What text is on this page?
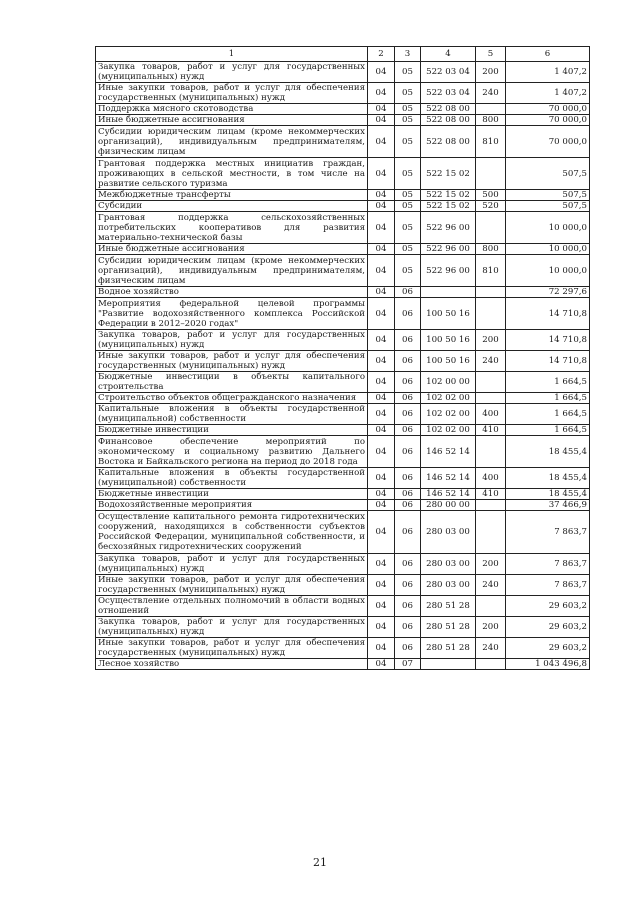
1	2	3	4	5	6
Закупка товаров, работ и услуг для государственных (муниципальных) нужд	04	05	522 03 04	200	1 407,2
Иные закупки товаров, работ и услуг для обеспечения государственных (муниципальных) нужд	04	05	522 03 04	240	1 407,2
Поддержка мясного скотоводства	04	05	522 08 00		70 000,0
Иные бюджетные ассигнования	04	05	522 08 00	800	70 000,0
Субсидии юридическим лицам (кроме некоммерческих организаций), индивидуальным предпринимателям, физическим лицам	04	05	522 08 00	810	70 000,0
Грантовая поддержка местных инициатив граждан, проживающих в сельской местности, в том числе на развитие сельского туризма	04	05	522 15 02		507,5
Межбюджетные трансферты	04	05	522 15 02	500	507,5
Субсидии	04	05	522 15 02	520	507,5
Грантовая поддержка сельскохозяйственных потребительских кооперативов для развития материально-технической базы	04	05	522 96 00		10 000,0
Иные бюджетные ассигнования	04	05	522 96 00	800	10 000,0
Субсидии юридическим лицам (кроме некоммерческих организаций), индивидуальным предпринимателям, физическим лицам	04	05	522 96 00	810	10 000,0
Водное хозяйство	04	06			72 297,6
Мероприятия федеральной целевой программы "Развитие водохозяйственного комплекса Российской Федерации в 2012–2020 годах"	04	06	100 50 16		14 710,8
Закупка товаров, работ и услуг для государственных (муниципальных) нужд	04	06	100 50 16	200	14 710,8
Иные закупки товаров, работ и услуг для обеспечения государственных (муниципальных) нужд	04	06	100 50 16	240	14 710,8
Бюджетные инвестиции в объекты капитального строительства	04	06	102 00 00		1 664,5
Строительство объектов общегражданского назначения	04	06	102 02 00		1 664,5
Капитальные вложения в объекты государственной (муниципальной) собственности	04	06	102 02 00	400	1 664,5
Бюджетные инвестиции	04	06	102 02 00	410	1 664,5
Финансовое обеспечение мероприятий по экономическому и социальному развитию Дальнего Востока и Байкальского региона на период до 2018 года	04	06	146 52 14		18 455,4
Капитальные вложения в объекты государственной (муниципальной) собственности	04	06	146 52 14	400	18 455,4
Бюджетные инвестиции	04	06	146 52 14	410	18 455,4
Водохозяйственные мероприятия	04	06	280 00 00		37 466,9
Осуществление капитального ремонта гидротехнических сооружений, находящихся в собственности субъектов Российской Федерации, муниципальной собственности, и бесхозяйных гидротехнических сооружений	04	06	280 03 00		7 863,7
Закупка товаров, работ и услуг для государственных (муниципальных) нужд	04	06	280 03 00	200	7 863,7
Иные закупки товаров, работ и услуг для обеспечения государственных (муниципальных) нужд	04	06	280 03 00	240	7 863,7
Осуществление отдельных полномочий в области водных отношений	04	06	280 51 28		29 603,2
Закупка товаров, работ и услуг для государственных (муниципальных) нужд	04	06	280 51 28	200	29 603,2
Иные закупки товаров, работ и услуг для обеспечения государственных (муниципальных) нужд	04	06	280 51 28	240	29 603,2
Лесное хозяйство	04	07			1 043 496,8
21
